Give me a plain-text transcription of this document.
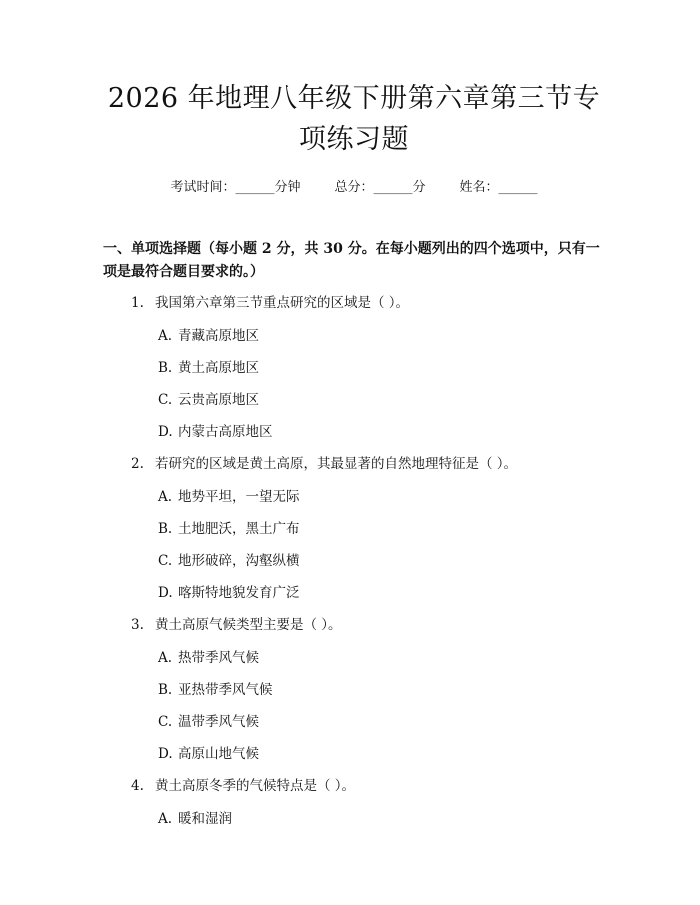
2026 年地理八年级下册第六章第三节专项练习题
考试时间：______分钟	总分：______分	姓名：______
一、单项选择题（每小题 2 分，共 30 分。在每小题列出的四个选项中，只有一项是最符合题目要求的。）
1. 我国第六章第三节重点研究的区域是（ ）。
A. 青藏高原地区
B. 黄土高原地区
C. 云贵高原地区
D. 内蒙古高原地区
2. 若研究的区域是黄土高原，其最显著的自然地理特征是（ ）。
A. 地势平坦，一望无际
B. 土地肥沃，黑土广布
C. 地形破碎，沟壑纵横
D. 喀斯特地貌发育广泛
3. 黄土高原气候类型主要是（ ）。
A. 热带季风气候
B. 亚热带季风气候
C. 温带季风气候
D. 高原山地气候
4. 黄土高原冬季的气候特点是（ ）。
A. 暖和湿润
